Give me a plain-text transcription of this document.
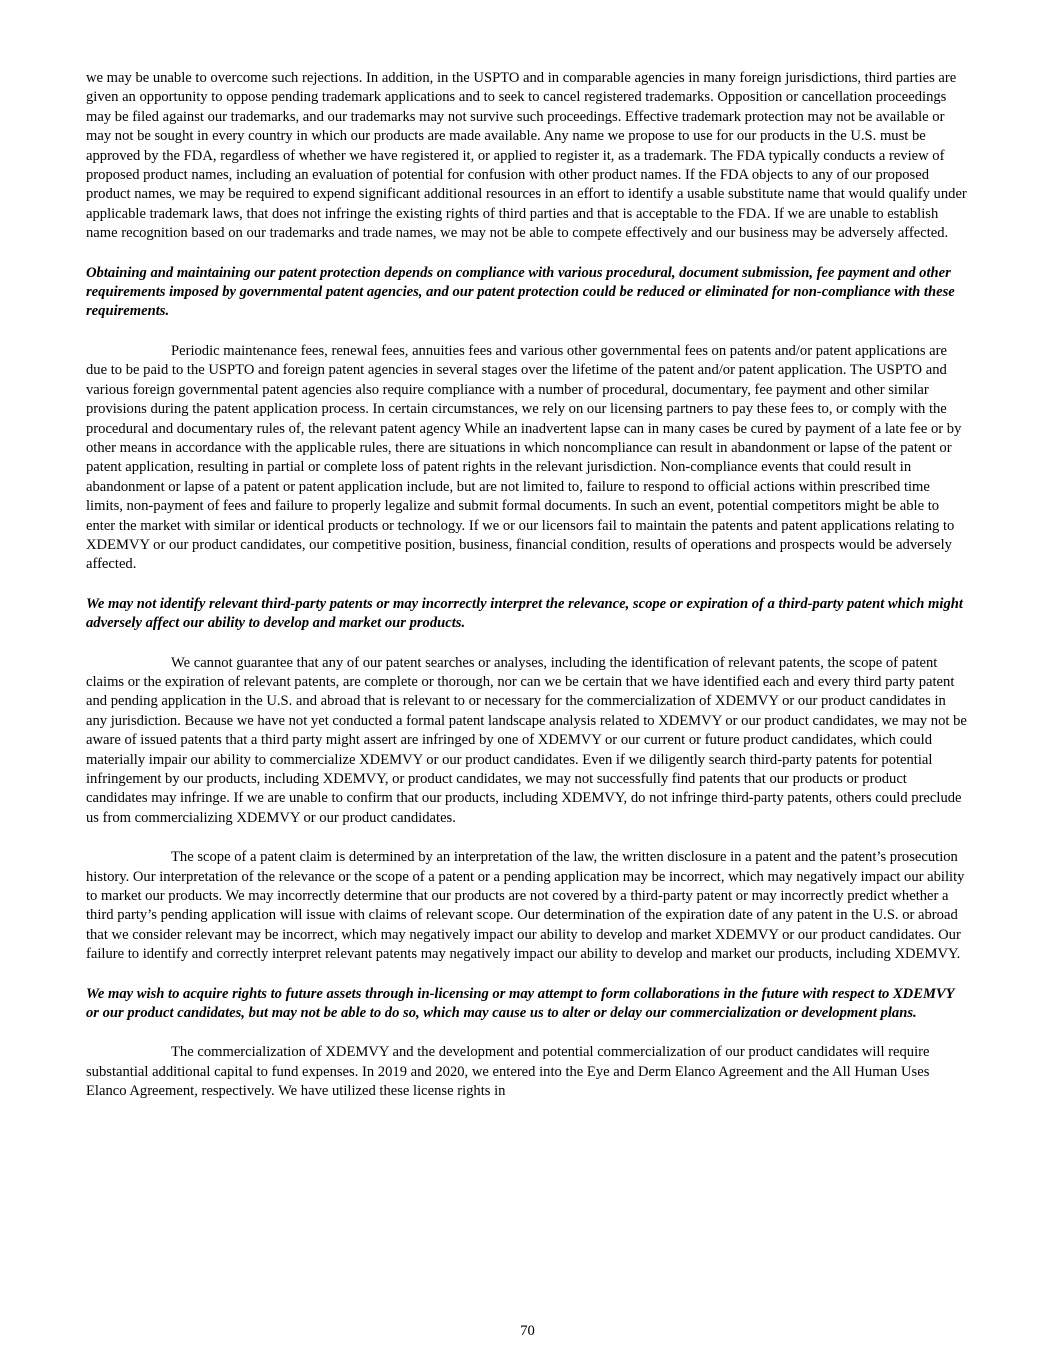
we may be unable to overcome such rejections. In addition, in the USPTO and in comparable agencies in many foreign jurisdictions, third parties are given an opportunity to oppose pending trademark applications and to seek to cancel registered trademarks. Opposition or cancellation proceedings may be filed against our trademarks, and our trademarks may not survive such proceedings. Effective trademark protection may not be available or may not be sought in every country in which our products are made available. Any name we propose to use for our products in the U.S. must be approved by the FDA, regardless of whether we have registered it, or applied to register it, as a trademark. The FDA typically conducts a review of proposed product names, including an evaluation of potential for confusion with other product names. If the FDA objects to any of our proposed product names, we may be required to expend significant additional resources in an effort to identify a usable substitute name that would qualify under applicable trademark laws, that does not infringe the existing rights of third parties and that is acceptable to the FDA. If we are unable to establish name recognition based on our trademarks and trade names, we may not be able to compete effectively and our business may be adversely affected.

Obtaining and maintaining our patent protection depends on compliance with various procedural, document submission, fee payment and other requirements imposed by governmental patent agencies, and our patent protection could be reduced or eliminated for non-compliance with these requirements.

Periodic maintenance fees, renewal fees, annuities fees and various other governmental fees on patents and/or patent applications are due to be paid to the USPTO and foreign patent agencies in several stages over the lifetime of the patent and/or patent application. The USPTO and various foreign governmental patent agencies also require compliance with a number of procedural, documentary, fee payment and other similar provisions during the patent application process. In certain circumstances, we rely on our licensing partners to pay these fees to, or comply with the procedural and documentary rules of, the relevant patent agency While an inadvertent lapse can in many cases be cured by payment of a late fee or by other means in accordance with the applicable rules, there are situations in which noncompliance can result in abandonment or lapse of the patent or patent application, resulting in partial or complete loss of patent rights in the relevant jurisdiction. Non-compliance events that could result in abandonment or lapse of a patent or patent application include, but are not limited to, failure to respond to official actions within prescribed time limits, non-payment of fees and failure to properly legalize and submit formal documents. In such an event, potential competitors might be able to enter the market with similar or identical products or technology. If we or our licensors fail to maintain the patents and patent applications relating to XDEMVY or our product candidates, our competitive position, business, financial condition, results of operations and prospects would be adversely affected.

We may not identify relevant third-party patents or may incorrectly interpret the relevance, scope or expiration of a third-party patent which might adversely affect our ability to develop and market our products.

We cannot guarantee that any of our patent searches or analyses, including the identification of relevant patents, the scope of patent claims or the expiration of relevant patents, are complete or thorough, nor can we be certain that we have identified each and every third party patent and pending application in the U.S. and abroad that is relevant to or necessary for the commercialization of XDEMVY or our product candidates in any jurisdiction. Because we have not yet conducted a formal patent landscape analysis related to XDEMVY or our product candidates, we may not be aware of issued patents that a third party might assert are infringed by one of XDEMVY or our current or future product candidates, which could materially impair our ability to commercialize XDEMVY or our product candidates. Even if we diligently search third-party patents for potential infringement by our products, including XDEMVY, or product candidates, we may not successfully find patents that our products or product candidates may infringe. If we are unable to confirm that our products, including XDEMVY, do not infringe third-party patents, others could preclude us from commercializing XDEMVY or our product candidates.

The scope of a patent claim is determined by an interpretation of the law, the written disclosure in a patent and the patent’s prosecution history. Our interpretation of the relevance or the scope of a patent or a pending application may be incorrect, which may negatively impact our ability to market our products. We may incorrectly determine that our products are not covered by a third-party patent or may incorrectly predict whether a third party’s pending application will issue with claims of relevant scope. Our determination of the expiration date of any patent in the U.S. or abroad that we consider relevant may be incorrect, which may negatively impact our ability to develop and market XDEMVY or our product candidates. Our failure to identify and correctly interpret relevant patents may negatively impact our ability to develop and market our products, including XDEMVY.

We may wish to acquire rights to future assets through in-licensing or may attempt to form collaborations in the future with respect to XDEMVY or our product candidates, but may not be able to do so, which may cause us to alter or delay our commercialization or development plans.

The commercialization of XDEMVY and the development and potential commercialization of our product candidates will require substantial additional capital to fund expenses. In 2019 and 2020, we entered into the Eye and Derm Elanco Agreement and the All Human Uses Elanco Agreement, respectively. We have utilized these license rights in

70
